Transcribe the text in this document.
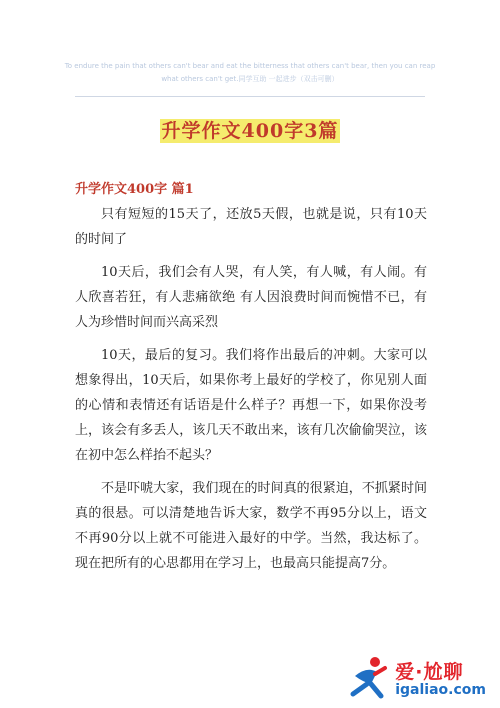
To endure the pain that others can't bear and eat the bitterness that others can't bear, then you can reap what others can't get.同学互助 一起进步（双击可删）
升学作文400字3篇
升学作文400字 篇1

只有短短的15天了，还放5天假，也就是说，只有10天的时间了

10天后，我们会有人哭，有人笑，有人喊，有人闹。有人欣喜若狂，有人悲痛欲绝 有人因浪费时间而惋惜不已，有人为珍惜时间而兴高采烈

10天，最后的复习。我们将作出最后的冲刺。大家可以想象得出，10天后，如果你考上最好的学校了，你见别人面的心情和表情还有话语是什么样子？再想一下，如果你没考上，该会有多丢人，该几天不敢出来，该有几次偷偷哭泣，该在初中怎么样抬不起头？

不是吓唬大家，我们现在的时间真的很紧迫，不抓紧时间真的很悬。可以清楚地告诉大家，数学不再95分以上，语文不再90分以上就不可能进入最好的中学。当然，我达标了。现在把所有的心思都用在学习上，也最高只能提高7分。

爱·尬聊
igaliao.com
